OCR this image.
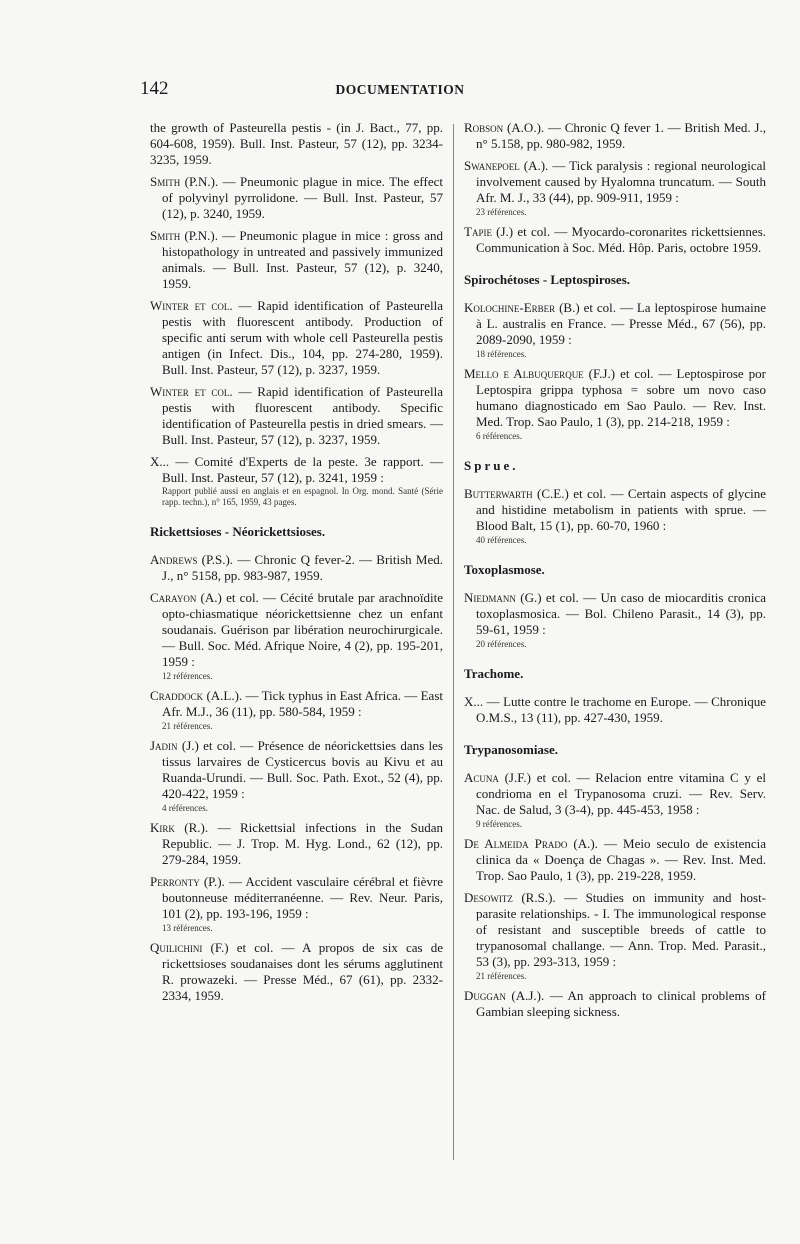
142	DOCUMENTATION
the growth of Pasteurella pestis - (in J. Bact., 77, pp. 604-608, 1959). Bull. Inst. Pasteur, 57 (12), pp. 3234-3235, 1959.
Smith (P.N.). — Pneumonic plague in mice. The effect of polyvinyl pyrrolidone. — Bull. Inst. Pasteur, 57 (12), p. 3240, 1959.
Smith (P.N.). — Pneumonic plague in mice : gross and histopathology in untreated and passively immunized animals. — Bull. Inst. Pasteur, 57 (12), p. 3240, 1959.
Winter et col. — Rapid identification of Pasteurella pestis with fluorescent antibody. Production of specific anti serum with whole cell Pasteurella pestis antigen (in Infect. Dis., 104, pp. 274-280, 1959). Bull. Inst. Pasteur, 57 (12), p. 3237, 1959.
Winter et col. — Rapid identification of Pasteurella pestis with fluorescent antibody. Specific identification of Pasteurella pestis in dried smears. — Bull. Inst. Pasteur, 57 (12), p. 3237, 1959.
X... — Comité d'Experts de la peste. 3e rapport. — Bull. Inst. Pasteur, 57 (12), p. 3241, 1959 :
Rapport publié aussi en anglais et en espagnol. In Org. mond. Santé (Série rapp. techn.), n° 165, 1959, 43 pages.
Rickettsioses - Néorickettsioses.
Andrews (P.S.). — Chronic Q fever-2. — British Med. J., n° 5158, pp. 983-987, 1959.
Carayon (A.) et col. — Cécité brutale par arachnoïdite opto-chiasmatique néorickettsienne chez un enfant soudanais. Guérison par libération neurochirurgicale. — Bull. Soc. Méd. Afrique Noire, 4 (2), pp. 195-201, 1959 :
12 références.
Craddock (A.L.). — Tick typhus in East Africa. — East Afr. M.J., 36 (11), pp. 580-584, 1959 :
21 références.
Jadin (J.) et col. — Présence de néorickettsies dans les tissus larvaires de Cysticercus bovis au Kivu et au Ruanda-Urundi. — Bull. Soc. Path. Exot., 52 (4), pp. 420-422, 1959 :
4 références.
Kirk (R.). — Rickettsial infections in the Sudan Republic. — J. Trop. M. Hyg. Lond., 62 (12), pp. 279-284, 1959.
Perronty (P.). — Accident vasculaire cérébral et fièvre boutonneuse méditerranéenne. — Rev. Neur. Paris, 101 (2), pp. 193-196, 1959 :
13 références.
Quilichini (F.) et col. — A propos de six cas de rickettsioses soudanaises dont les sérums agglutinent R. prowazeki. — Presse Méd., 67 (61), pp. 2332-2334, 1959.
Robson (A.O.). — Chronic Q fever 1. — British Med. J., n° 5.158, pp. 980-982, 1959.
Swanepoel (A.). — Tick paralysis : regional neurological involvement caused by Hyalomna truncatum. — South Afr. M. J., 33 (44), pp. 909-911, 1959 :
23 références.
Tapie (J.) et col. — Myocardo-coronarites rickettsiennes. Communication à Soc. Méd. Hôp. Paris, octobre 1959.
Spirochétoses - Leptospiroses.
Kolochine-Erber (B.) et col. — La leptospirose humaine à L. australis en France. — Presse Méd., 67 (56), pp. 2089-2090, 1959 :
18 références.
Mello e Albuquerque (F.J.) et col. — Leptospirose por Leptospira grippa typhosa = sobre um novo caso humano diagnosticado em Sao Paulo. — Rev. Inst. Med. Trop. Sao Paulo, 1 (3), pp. 214-218, 1959 :
6 références.
Sprue.
Butterwarth (C.E.) et col. — Certain aspects of glycine and histidine metabolism in patients with sprue. — Blood Balt, 15 (1), pp. 60-70, 1960 :
40 références.
Toxoplasmose.
Niedmann (G.) et col. — Un caso de miocarditis cronica toxoplasmosica. — Bol. Chileno Parasit., 14 (3), pp. 59-61, 1959 :
20 références.
Trachome.
X... — Lutte contre le trachome en Europe. — Chronique O.M.S., 13 (11), pp. 427-430, 1959.
Trypanosomiase.
Acuna (J.F.) et col. — Relacion entre vitamina C y el condrioma en el Trypanosoma cruzi. — Rev. Serv. Nac. de Salud, 3 (3-4), pp. 445-453, 1958 :
9 références.
De Almeida Prado (A.). — Meio seculo de existencia clinica da « Doença de Chagas ». — Rev. Inst. Med. Trop. Sao Paulo, 1 (3), pp. 219-228, 1959.
Desowitz (R.S.). — Studies on immunity and host-parasite relationships. - I. The immunological response of resistant and susceptible breeds of cattle to trypanosomal challange. — Ann. Trop. Med. Parasit., 53 (3), pp. 293-313, 1959 :
21 références.
Duggan (A.J.). — An approach to clinical problems of Gambian sleeping sickness.
